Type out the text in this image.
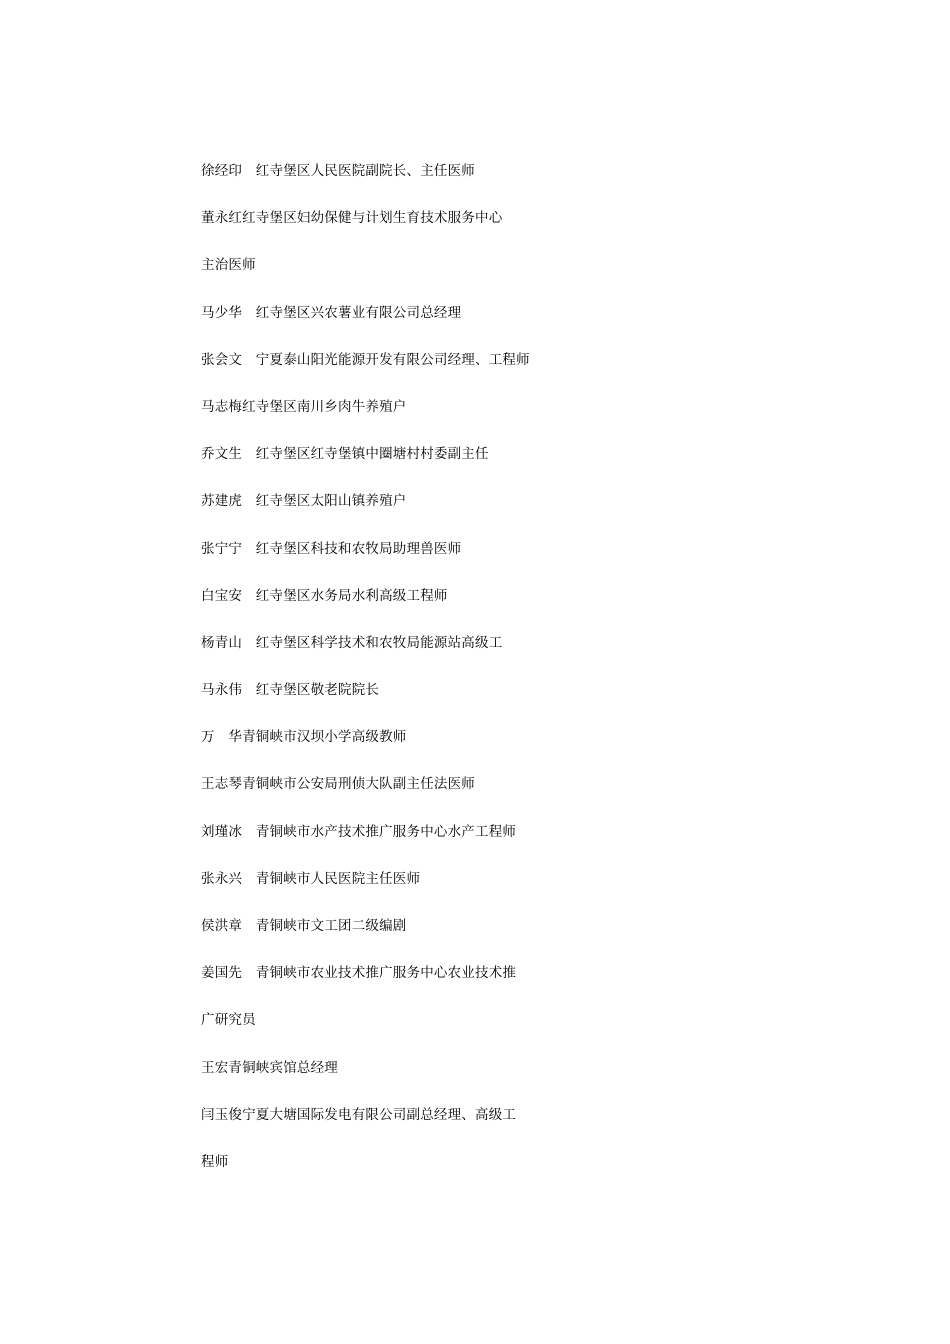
徐经印　红寺堡区人民医院副院长、主任医师
董永红红寺堡区妇幼保健与计划生育技术服务中心
主治医师
马少华　红寺堡区兴农薯业有限公司总经理
张会文　宁夏泰山阳光能源开发有限公司经理、工程师
马志梅红寺堡区南川乡肉牛养殖户
乔文生　红寺堡区红寺堡镇中圈塘村村委副主任
苏建虎　红寺堡区太阳山镇养殖户
张宁宁　红寺堡区科技和农牧局助理兽医师
白宝安　红寺堡区水务局水利高级工程师
杨青山　红寺堡区科学技术和农牧局能源站高级工
马永伟　红寺堡区敬老院院长
万　华青铜峡市汉坝小学高级教师
王志琴青铜峡市公安局刑侦大队副主任法医师
刘瑾冰　青铜峡市水产技术推广服务中心水产工程师
张永兴　青铜峡市人民医院主任医师
侯洪章　青铜峡市文工团二级编剧
姜国先　青铜峡市农业技术推广服务中心农业技术推
广研究员
王宏青铜峡宾馆总经理
闫玉俊宁夏大塘国际发电有限公司副总经理、高级工
程师
